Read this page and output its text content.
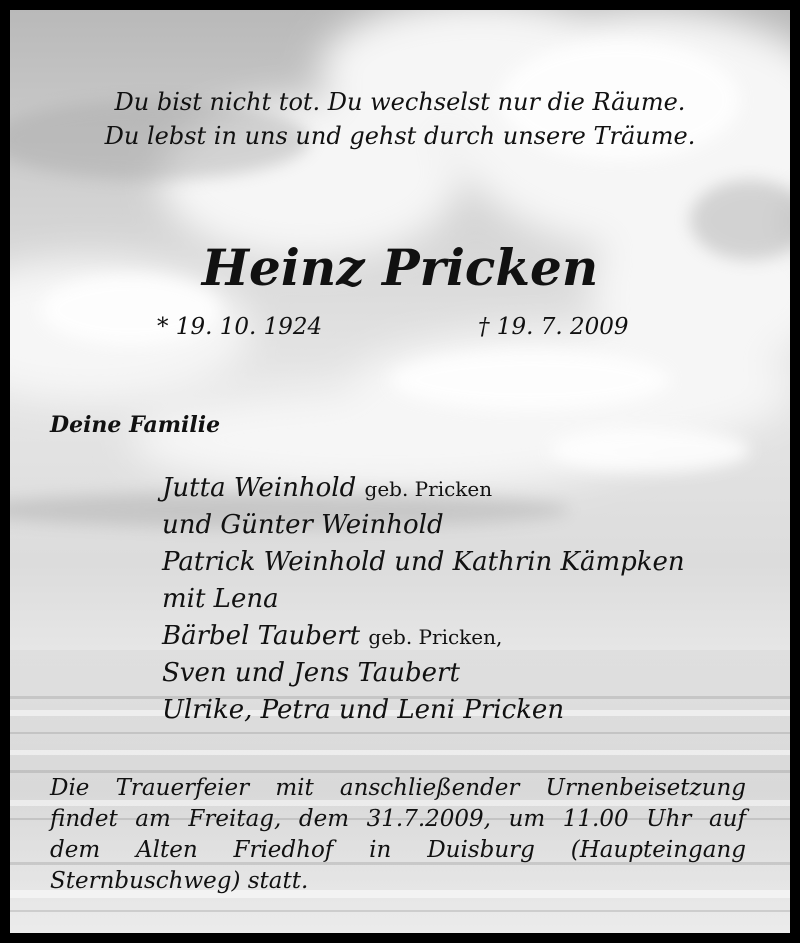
Du bist nicht tot. Du wechselst nur die Räume.
Du lebst in uns und gehst durch unsere Träume.
Heinz Pricken
* 19. 10. 1924	† 19. 7. 2009
Deine Familie
Jutta Weinhold geb. Pricken
und Günter Weinhold
Patrick Weinhold und Kathrin Kämpken
mit Lena
Bärbel Taubert geb. Pricken,
Sven und Jens Taubert
Ulrike, Petra und Leni Pricken
Die Trauerfeier mit anschließender Urnenbeisetzung
findet am Freitag, dem 31.7.2009, um 11.00 Uhr auf
dem Alten Friedhof in Duisburg (Haupteingang
Sternbuschweg) statt.
